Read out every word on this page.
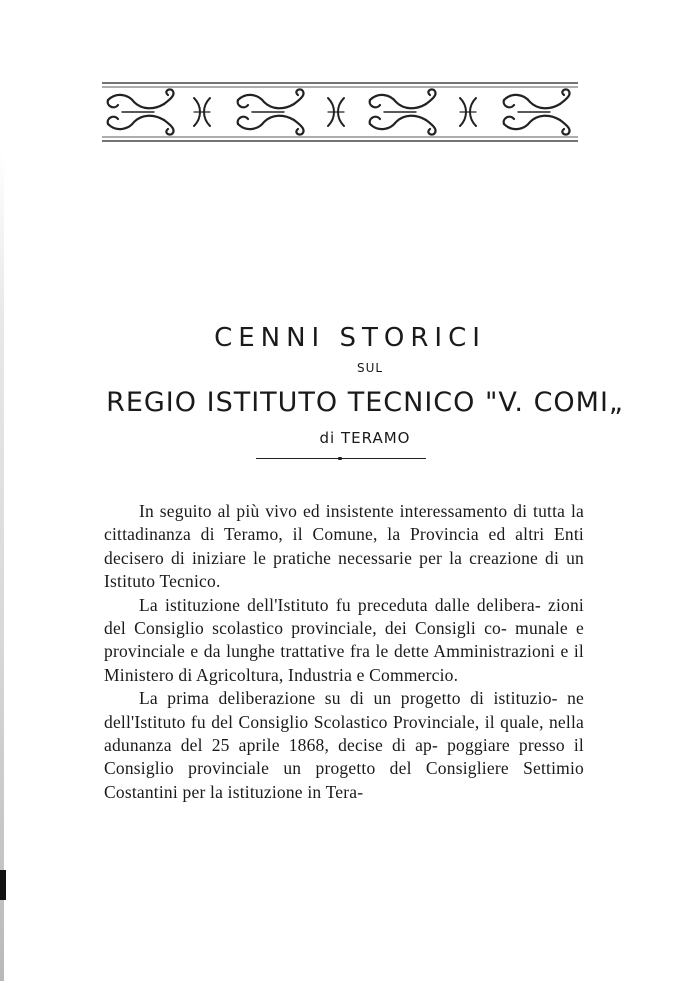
CENNI STORICI
SUL
REGIO ISTITUTO TECNICO "V. COMI„
di TERAMO

In seguito al più vivo ed insistente interessamento di tutta la cittadinanza di Teramo, il Comune, la Provincia ed altri Enti decisero di iniziare le pratiche necessarie per la creazione di un Istituto Tecnico.

La istituzione dell'Istituto fu preceduta dalle delibera- zioni del Consiglio scolastico provinciale, dei Consigli co- munale e provinciale e da lunghe trattative fra le dette Amministrazioni e il Ministero di Agricoltura, Industria e Commercio.

La prima deliberazione su di un progetto di istituzio- ne dell'Istituto fu del Consiglio Scolastico Provinciale, il quale, nella adunanza del 25 aprile 1868, decise di ap- poggiare presso il Consiglio provinciale un progetto del Consigliere Settimio Costantini per la istituzione in Tera-
